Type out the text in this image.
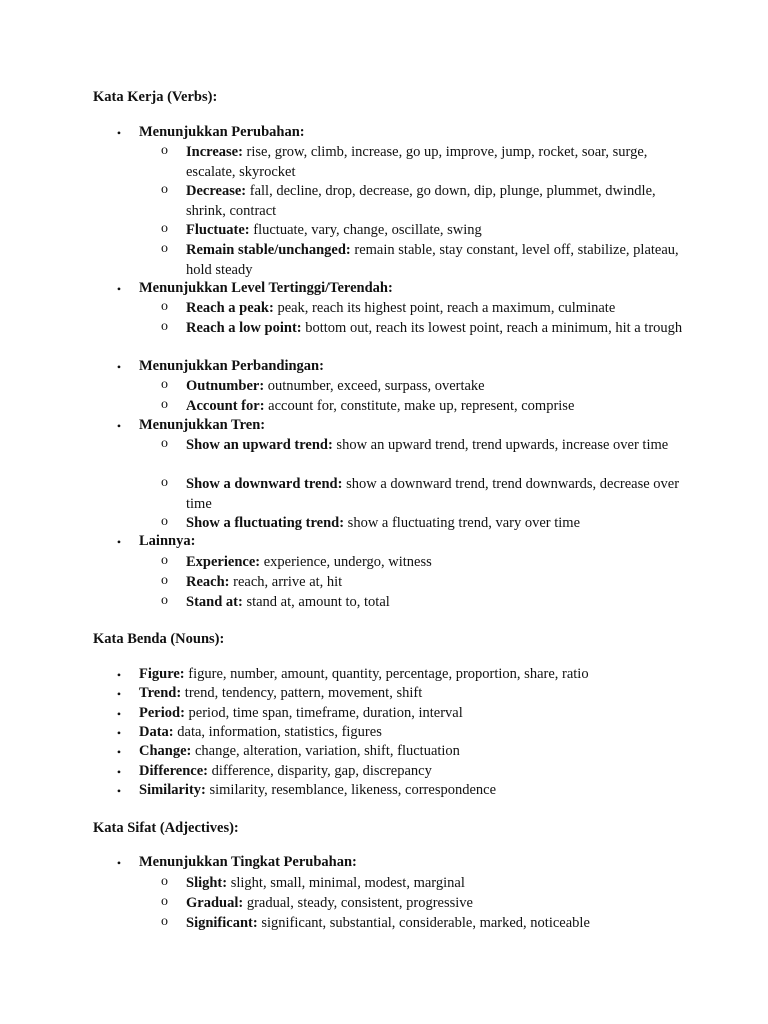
Kata Kerja (Verbs):
• Menunjukkan Perubahan:
o Increase: rise, grow, climb, increase, go up, improve, jump, rocket, soar, surge, escalate, skyrocket
o Decrease: fall, decline, drop, decrease, go down, dip, plunge, plummet, dwindle, shrink, contract
o Fluctuate: fluctuate, vary, change, oscillate, swing
o Remain stable/unchanged: remain stable, stay constant, level off, stabilize, plateau, hold steady
• Menunjukkan Level Tertinggi/Terendah:
o Reach a peak: peak, reach its highest point, reach a maximum, culminate
o Reach a low point: bottom out, reach its lowest point, reach a minimum, hit a trough
• Menunjukkan Perbandingan:
o Outnumber: outnumber, exceed, surpass, overtake
o Account for: account for, constitute, make up, represent, comprise
• Menunjukkan Tren:
o Show an upward trend: show an upward trend, trend upwards, increase over time
o Show a downward trend: show a downward trend, trend downwards, decrease over time
o Show a fluctuating trend: show a fluctuating trend, vary over time
• Lainnya:
o Experience: experience, undergo, witness
o Reach: reach, arrive at, hit
o Stand at: stand at, amount to, total
Kata Benda (Nouns):
• Figure: figure, number, amount, quantity, percentage, proportion, share, ratio
• Trend: trend, tendency, pattern, movement, shift
• Period: period, time span, timeframe, duration, interval
• Data: data, information, statistics, figures
• Change: change, alteration, variation, shift, fluctuation
• Difference: difference, disparity, gap, discrepancy
• Similarity: similarity, resemblance, likeness, correspondence
Kata Sifat (Adjectives):
• Menunjukkan Tingkat Perubahan:
o Slight: slight, small, minimal, modest, marginal
o Gradual: gradual, steady, consistent, progressive
o Significant: significant, substantial, considerable, marked, noticeable
